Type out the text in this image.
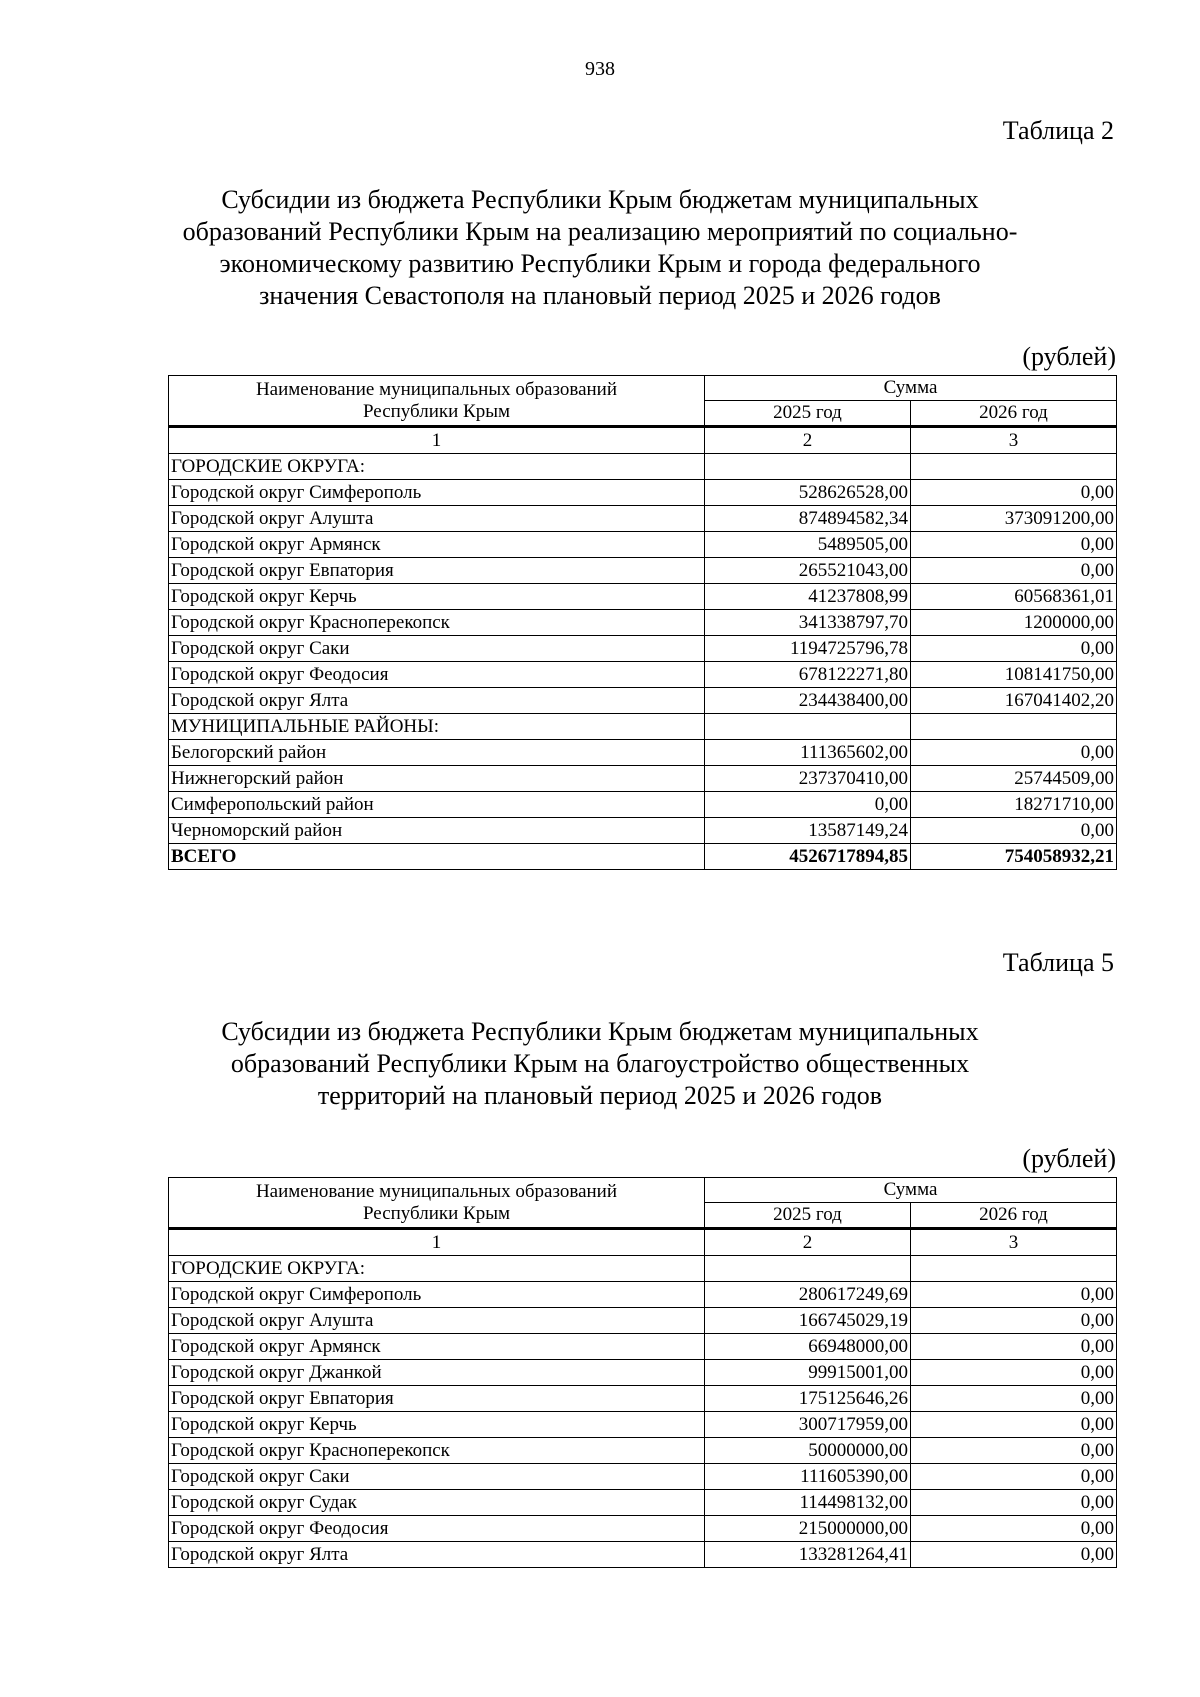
938
Таблица 2
Субсидии из бюджета Республики Крым бюджетам муниципальных
образований Республики Крым на реализацию мероприятий по социально-
экономическому развитию Республики Крым и города федерального
значения Севастополя на плановый период 2025 и 2026 годов
(рублей)
Наименование муниципальных образований
Республики Крым	Сумма	
	2025 год	2026 год
1	2	3
ГОРОДСКИЕ ОКРУГА:		
Городской округ Симферополь	528626528,00	0,00
Городской округ Алушта	874894582,34	373091200,00
Городской округ Армянск	5489505,00	0,00
Городской округ Евпатория	265521043,00	0,00
Городской округ Керчь	41237808,99	60568361,01
Городской округ Красноперекопск	341338797,70	1200000,00
Городской округ Саки	1194725796,78	0,00
Городской округ Феодосия	678122271,80	108141750,00
Городской округ Ялта	234438400,00	167041402,20
МУНИЦИПАЛЬНЫЕ РАЙОНЫ:		
Белогорский район	111365602,00	0,00
Нижнегорский район	237370410,00	25744509,00
Симферопольский район	0,00	18271710,00
Черноморский район	13587149,24	0,00
ВСЕГО	4526717894,85	754058932,21
Таблица 5
Субсидии из бюджета Республики Крым бюджетам муниципальных
образований Республики Крым на благоустройство общественных
территорий на плановый период 2025 и 2026 годов
(рублей)
Наименование муниципальных образований
Республики Крым	Сумма	
	2025 год	2026 год
1	2	3
ГОРОДСКИЕ ОКРУГА:		
Городской округ Симферополь	280617249,69	0,00
Городской округ Алушта	166745029,19	0,00
Городской округ Армянск	66948000,00	0,00
Городской округ Джанкой	99915001,00	0,00
Городской округ Евпатория	175125646,26	0,00
Городской округ Керчь	300717959,00	0,00
Городской округ Красноперекопск	50000000,00	0,00
Городской округ Саки	111605390,00	0,00
Городской округ Судак	114498132,00	0,00
Городской округ Феодосия	215000000,00	0,00
Городской округ Ялта	133281264,41	0,00
